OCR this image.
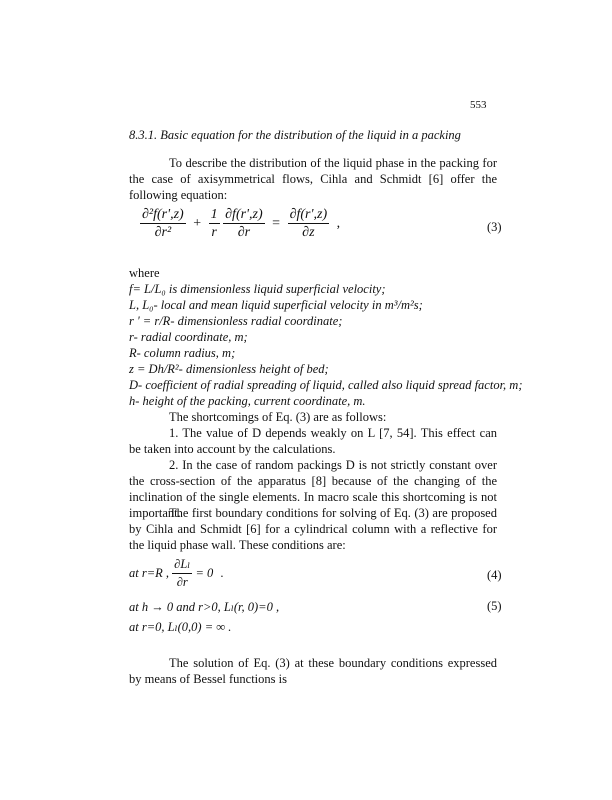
553
8.3.1. Basic equation for the distribution of the liquid in a packing

To describe the distribution of the liquid phase in the packing for the case of axisymmetrical flows, Cihla and Schmidt [6] offer the following equation:

$\frac{\text{∂²f(r',z)}}{\text{∂r²}} + \frac{1}{r}$
$\frac{\partial f(r',z)}{\partial r} = \frac{\partial f(r',z)}{\partial z}$ ,	(3)
where
f= L/L₀ is dimensionless liquid superficial velocity;
L, L₀- local and mean liquid superficial velocity in m³/m²s;
r ' = r/R- dimensionless radial coordinate;
r- radial coordinate, m;
R- column radius, m;
z = Dh/R²- dimensionless height of bed;
D- coefficient of radial spreading of liquid, called also liquid spread factor, m;
h- height of the packing, current coordinate, m.

The shortcomings of Eq. (3) are as follows:

1. The value of D depends weakly on L [7, 54]. This effect can be taken into account by the calculations.

2. In the case of random packings D is not strictly constant over the cross-section of the apparatus [8] because of the changing of the inclination of the single elements. In macro scale this shortcoming is not important.

The first boundary conditions for solving of Eq. (3) are proposed by Cihla and Schmidt [6] for a cylindrical column with a reflective for the liquid phase wall. These conditions are:

at r=R , $\frac{\text{∂Lₗ}}{\partial r} = 0$ .	(4)
at h → 0 and r>0, Lₗ(r, 0)=0 ,	(5)
at r=0, Lₗ(0,0) = ∞ .

The solution of Eq. (3) at these boundary conditions expressed by means of Bessel functions is
